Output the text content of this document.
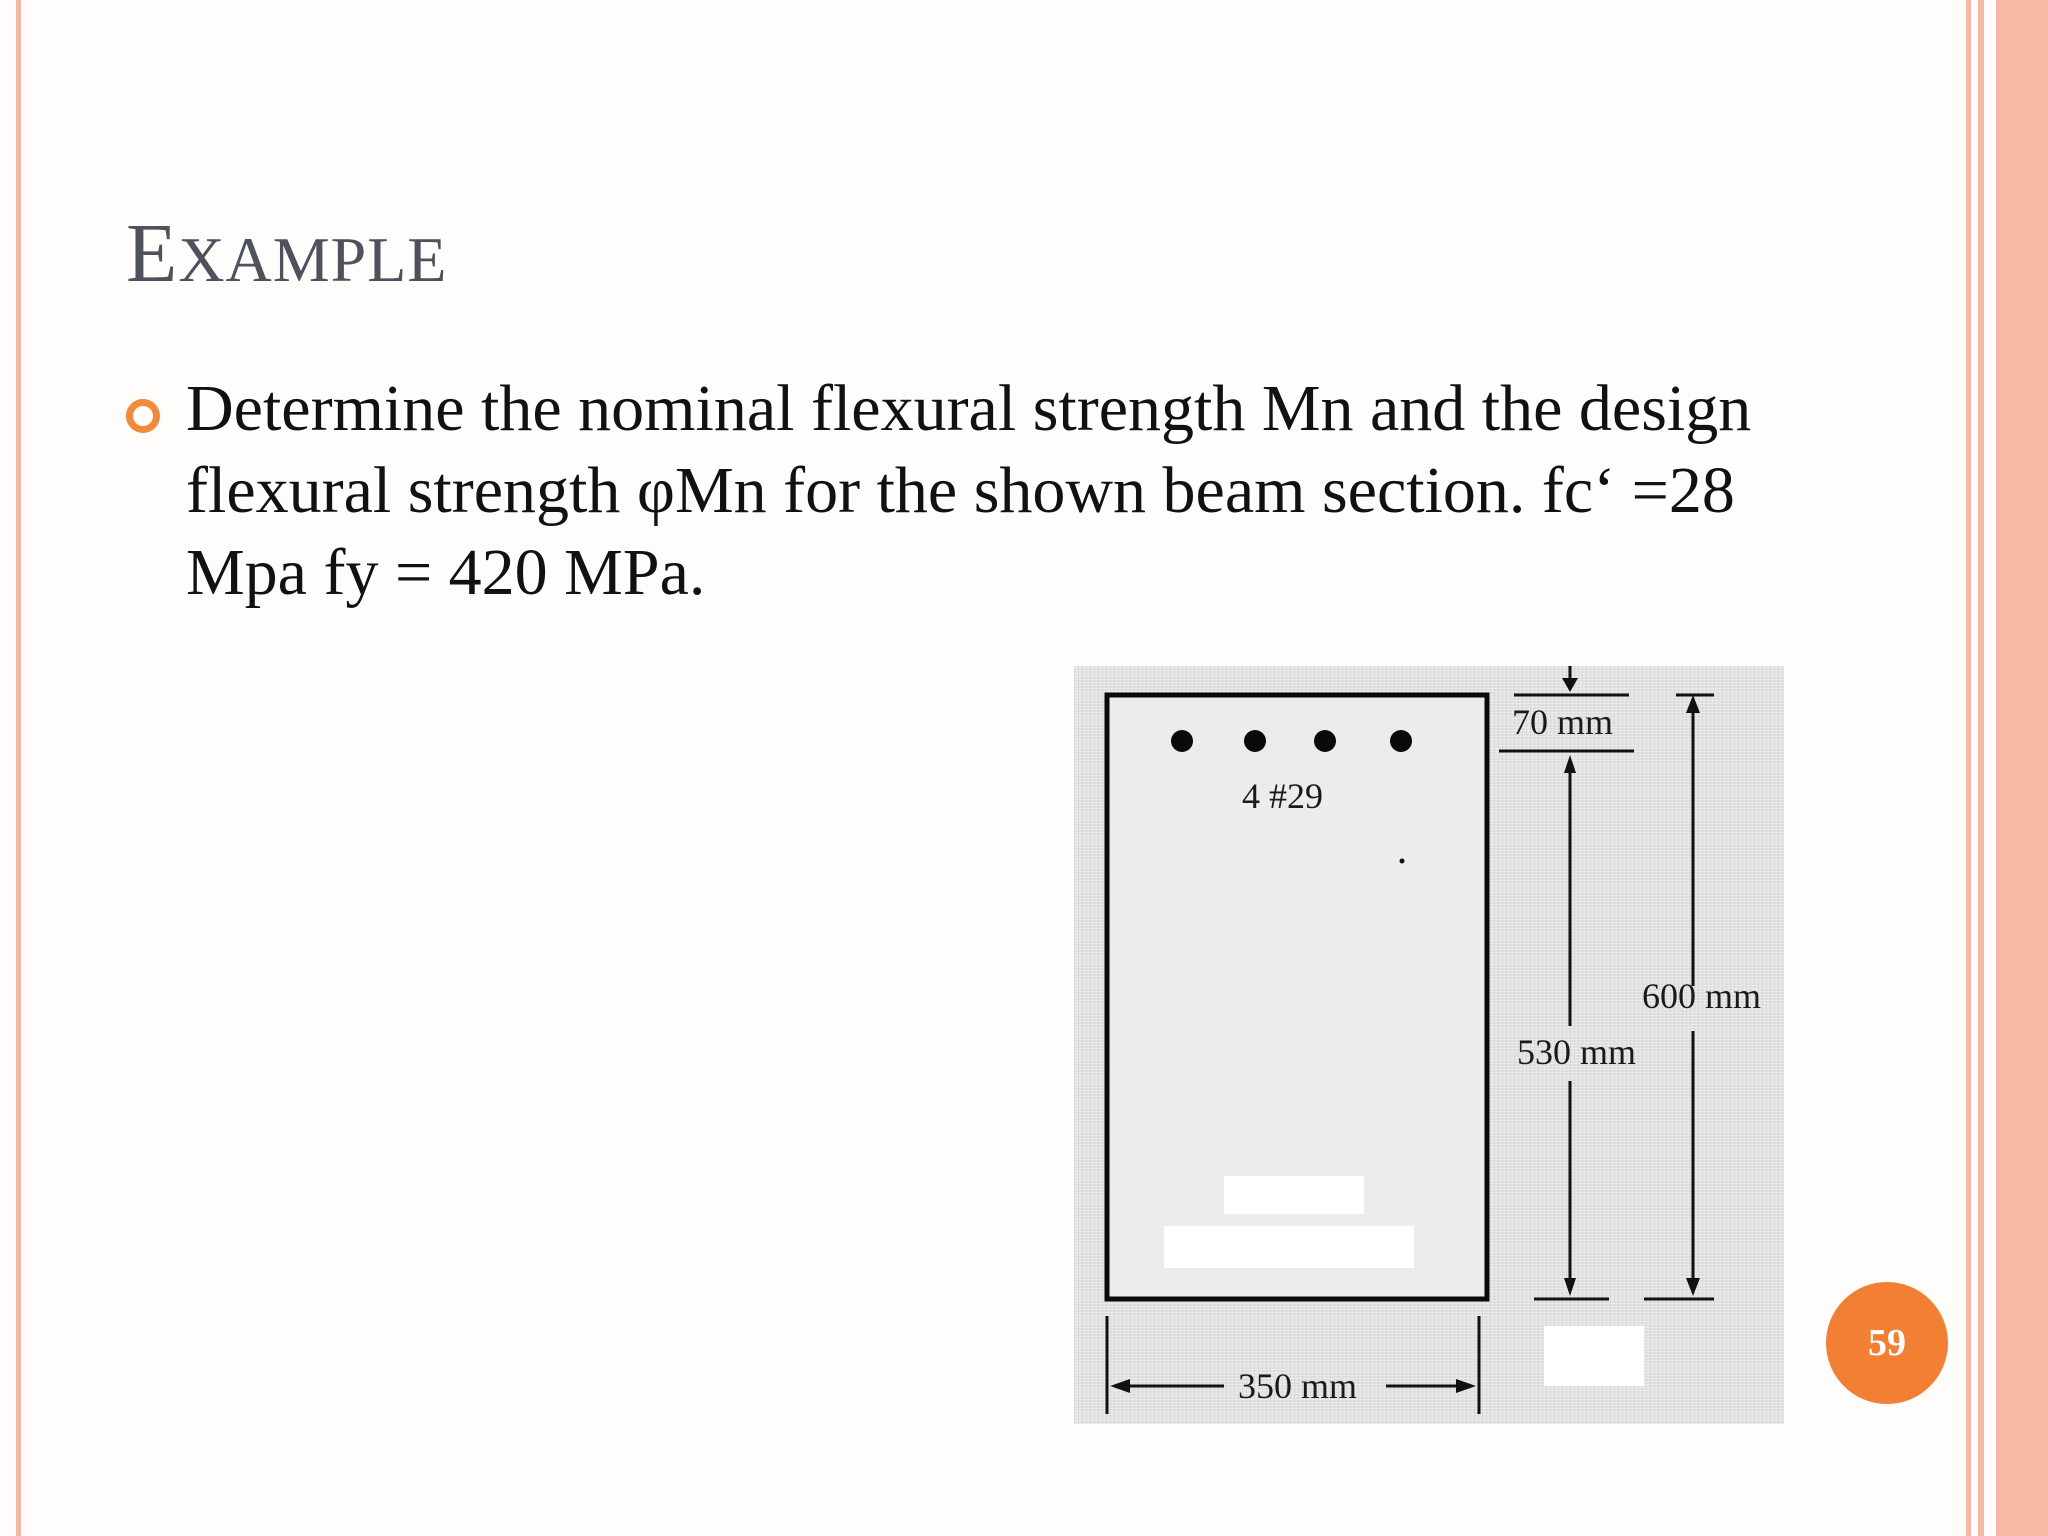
EXAMPLE
Determine the nominal flexural strength Mn and the design flexural strength φMn for the shown beam section. fc‘ =28 Mpa fy = 420 MPa.
4 #29
70 mm
530 mm
600 mm
350 mm
59
